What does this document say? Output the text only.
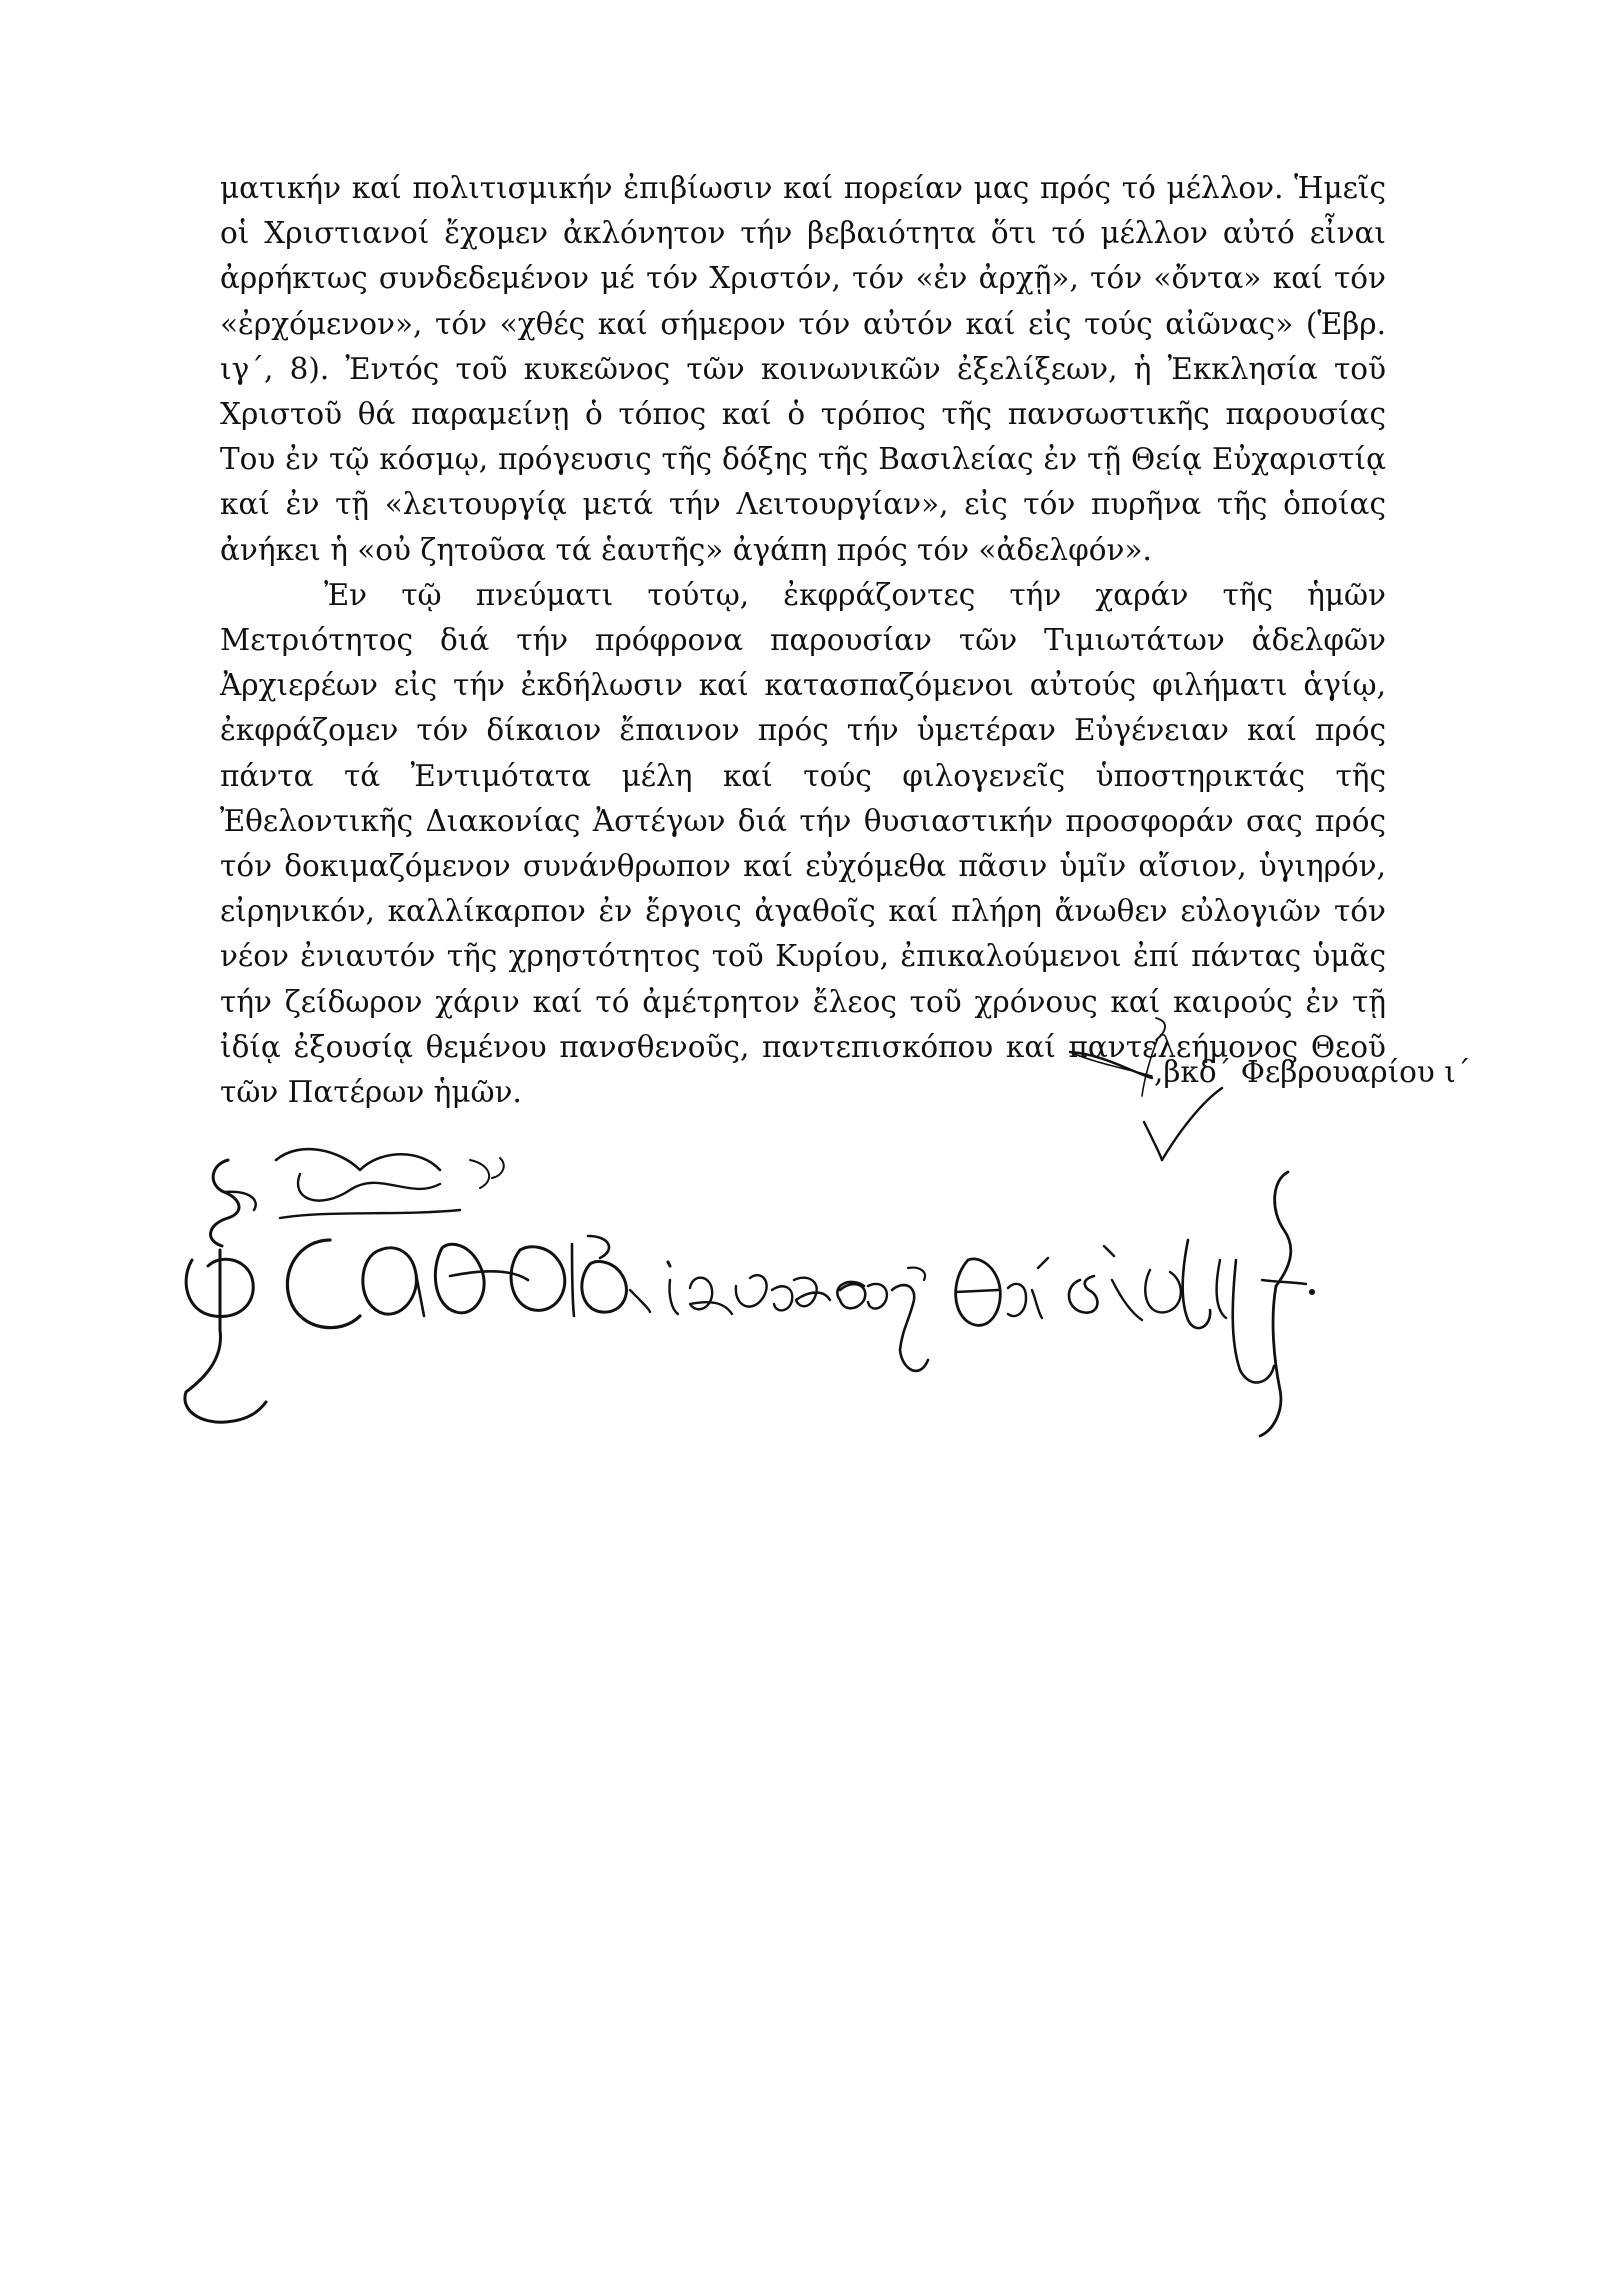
ματικήν καί πολιτισμικήν ἐπιβίωσιν καί πορείαν μας πρός τό μέλλον. Ἡμεῖς οἱ Χριστιανοί ἔχομεν ἀκλόνητον τήν βεβαιότητα ὅτι τό μέλλον αὐτό εἶναι ἀρρήκτως συνδεδεμένον μέ τόν Χριστόν, τόν «ἐν ἀρχῇ», τόν «ὄντα» καί τόν «ἐρχόμενον», τόν «χθές καί σήμερον τόν αὐτόν καί εἰς τούς αἰῶνας» (Ἑβρ. ιγ΄, 8). Ἐντός τοῦ κυκεῶνος τῶν κοινωνικῶν ἐξελίξεων, ἡ Ἐκκλησία τοῦ Χριστοῦ θά παραμείνῃ ὁ τόπος καί ὁ τρόπος τῆς πανσωστικῆς παρουσίας Του ἐν τῷ κόσμῳ, πρόγευσις τῆς δόξης τῆς Βασιλείας ἐν τῇ Θείᾳ Εὐχαριστίᾳ καί ἐν τῇ «λειτουργίᾳ μετά τήν Λειτουργίαν», εἰς τόν πυρῆνα τῆς ὁποίας ἀνήκει ἡ «οὐ ζητοῦσα τά ἑαυτῆς» ἀγάπη πρός τόν «ἀδελφόν».

Ἐν τῷ πνεύματι τούτῳ, ἐκφράζοντες τήν χαράν τῆς ἡμῶν Μετριότητος διά τήν πρόφρονα παρουσίαν τῶν Τιμιωτάτων ἀδελφῶν Ἀρχιερέων εἰς τήν ἐκδήλωσιν καί κατασπαζόμενοι αὐτούς φιλήματι ἁγίῳ, ἐκφράζομεν τόν δίκαιον ἔπαινον πρός τήν ὑμετέραν Εὐγένειαν καί πρός πάντα τά Ἐντιμότατα μέλη καί τούς φιλογενεῖς ὑποστηρικτάς τῆς Ἐθελοντικῆς Διακονίας Ἀστέγων διά τήν θυσιαστικήν προσφοράν σας πρός τόν δοκιμαζόμενον συνάνθρωπον καί εὐχόμεθα πᾶσιν ὑμῖν αἴσιον, ὑγιηρόν, εἰρηνικόν, καλλίκαρπον ἐν ἔργοις ἀγαθοῖς καί πλήρη ἄνωθεν εὐλογιῶν τόν νέον ἐνιαυτόν τῆς χρηστότητος τοῦ Κυρίου, ἐπικαλούμενοι ἐπί πάντας ὑμᾶς τήν ζείδωρον χάριν καί τό ἀμέτρητον ἔλεος τοῦ χρόνους καί καιρούς ἐν τῇ ἰδίᾳ ἐξουσίᾳ θεμένου πανσθενοῦς, παντεπισκόπου καί παντελεήμονος Θεοῦ τῶν Πατέρων ἡμῶν.

,βκδ΄ Φεβρουαρίου ι΄
